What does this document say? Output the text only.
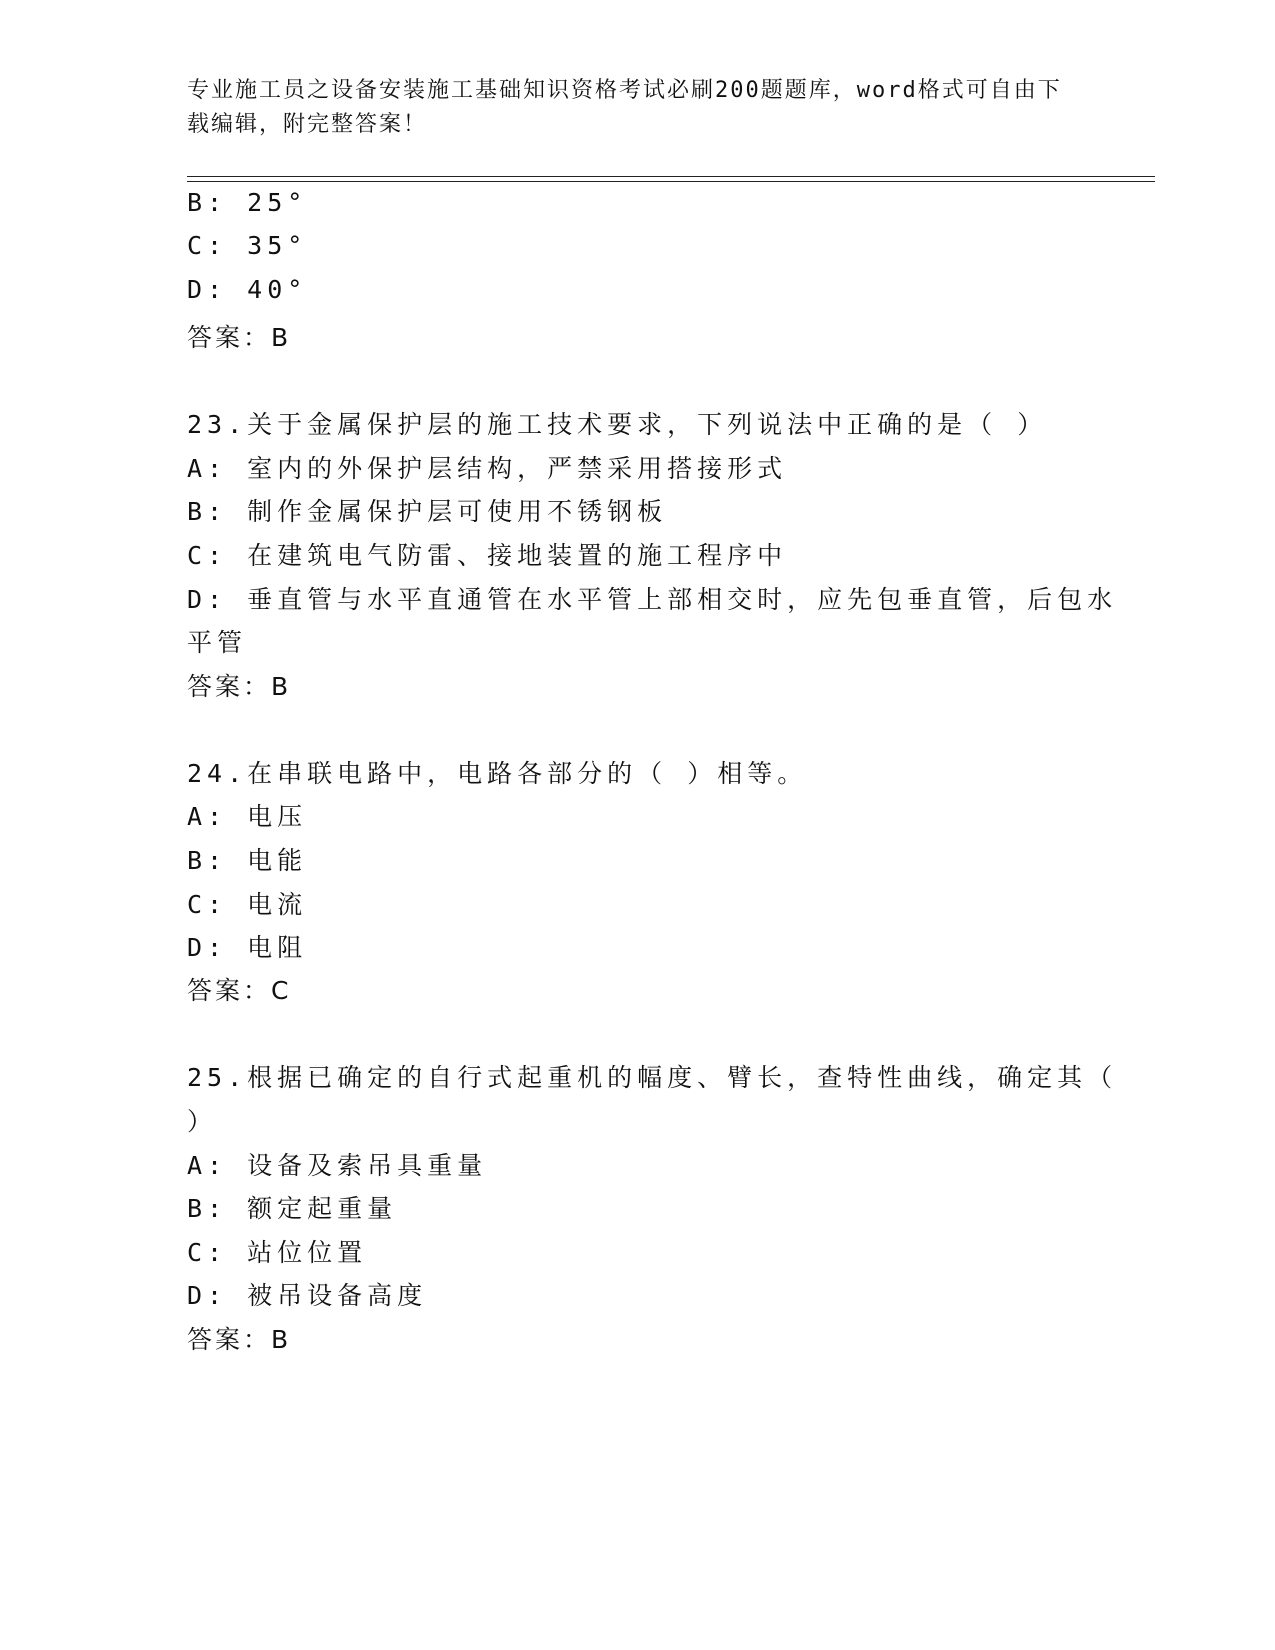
专业施工员之设备安装施工基础知识资格考试必刷200题题库，word格式可自由下载编辑，附完整答案！
B: 25°
C: 35°
D: 40°
答案：B
23.关于金属保护层的施工技术要求，下列说法中正确的是（ ）
A: 室内的外保护层结构，严禁采用搭接形式
B: 制作金属保护层可使用不锈钢板
C: 在建筑电气防雷、接地装置的施工程序中
D: 垂直管与水平直通管在水平管上部相交时，应先包垂直管，后包水
平管
答案：B
24.在串联电路中，电路各部分的（ ）相等。
A: 电压
B: 电能
C: 电流
D: 电阻
答案：C
25.根据已确定的自行式起重机的幅度、臂长，查特性曲线，确定其（
）
A: 设备及索吊具重量
B: 额定起重量
C: 站位位置
D: 被吊设备高度
答案：B
